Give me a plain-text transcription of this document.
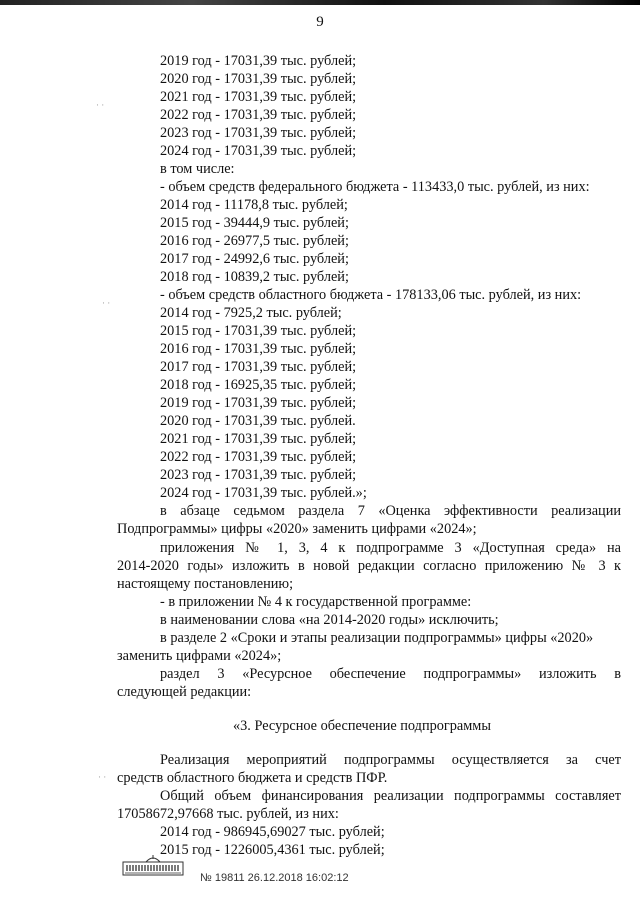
9
· ·
· ·
· ·
2019 год - 17031,39 тыс. рублей;
2020 год - 17031,39 тыс. рублей;
2021 год - 17031,39 тыс. рублей;
2022 год - 17031,39 тыс. рублей;
2023 год - 17031,39 тыс. рублей;
2024 год - 17031,39 тыс. рублей;
в том числе:
- объем средств федерального бюджета - 113433,0 тыс. рублей, из них:
2014 год - 11178,8 тыс. рублей;
2015 год - 39444,9 тыс. рублей;
2016 год - 26977,5 тыс. рублей;
2017 год - 24992,6 тыс. рублей;
2018 год - 10839,2 тыс. рублей;
- объем средств областного бюджета - 178133,06 тыс. рублей, из них:
2014 год - 7925,2 тыс. рублей;
2015 год - 17031,39 тыс. рублей;
2016 год - 17031,39 тыс. рублей;
2017 год - 17031,39 тыс. рублей;
2018 год - 16925,35 тыс. рублей;
2019 год - 17031,39 тыс. рублей;
2020 год - 17031,39 тыс. рублей.
2021 год - 17031,39 тыс. рублей;
2022 год - 17031,39 тыс. рублей;
2023 год - 17031,39 тыс. рублей;
2024 год - 17031,39 тыс. рублей.»;
в абзаце седьмом раздела 7 «Оценка эффективности реализации
Подпрограммы» цифры «2020» заменить цифрами «2024»;
приложения № 1, 3, 4 к подпрограмме 3 «Доступная среда» на
2014-2020 годы» изложить в новой редакции согласно приложению № 3 к
настоящему постановлению;
- в приложении № 4 к государственной программе:
в наименовании слова «на 2014-2020 годы» исключить;
в разделе 2 «Сроки и этапы реализации подпрограммы» цифры «2020»
заменить цифрами «2024»;
раздел 3 «Ресурсное обеспечение подпрограммы» изложить в
следующей редакции:
«3. Ресурсное обеспечение подпрограммы
Реализация мероприятий подпрограммы осуществляется за счет
средств областного бюджета и средств ПФР.
Общий объем финансирования реализации подпрограммы составляет
17058672,97668 тыс. рублей, из них:
2014 год - 986945,69027 тыс. рублей;
2015 год - 1226005,4361 тыс. рублей;
№ 19811 26.12.2018 16:02:12
